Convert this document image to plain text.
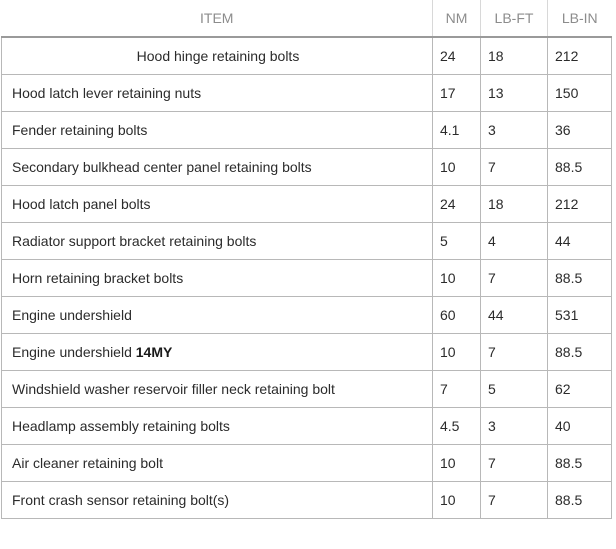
ITEM	NM	LB-FT	LB-IN
Hood hinge retaining bolts	24	18	212
Hood latch lever retaining nuts	17	13	150
Fender retaining bolts	4.1	3	36
Secondary bulkhead center panel retaining bolts	10	7	88.5
Hood latch panel bolts	24	18	212
Radiator support bracket retaining bolts	5	4	44
Horn retaining bracket bolts	10	7	88.5
Engine undershield	60	44	531
Engine undershield 14MY	10	7	88.5
Windshield washer reservoir filler neck retaining bolt	7	5	62
Headlamp assembly retaining bolts	4.5	3	40
Air cleaner retaining bolt	10	7	88.5
Front crash sensor retaining bolt(s)	10	7	88.5
